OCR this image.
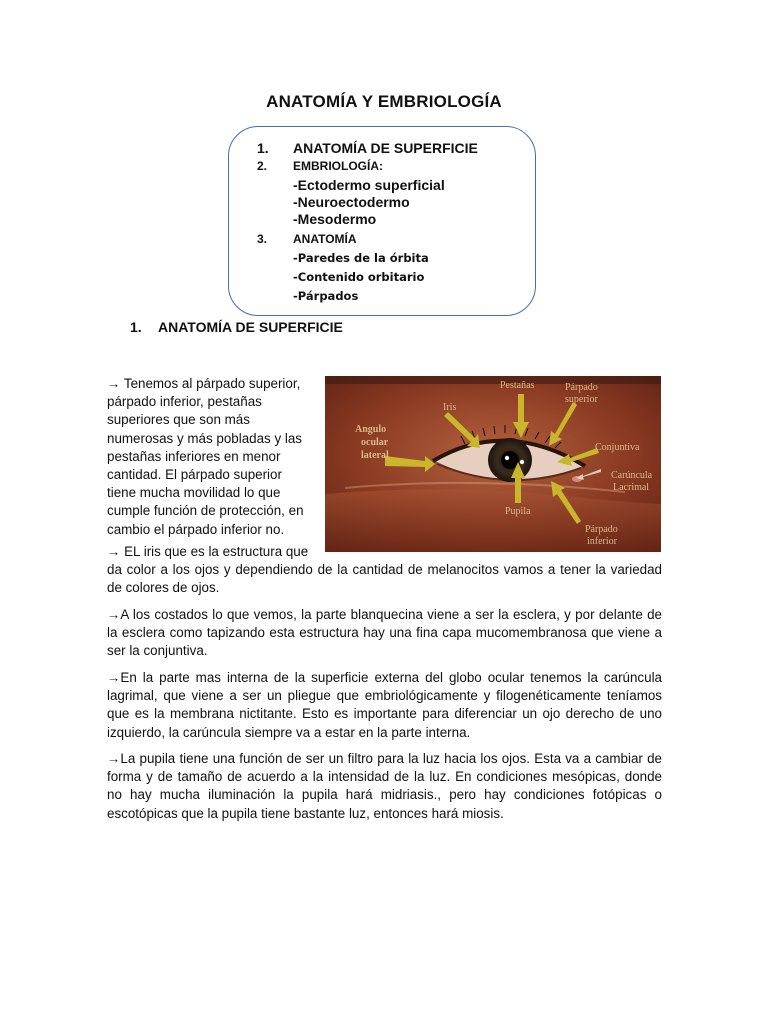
ANATOMÍA Y EMBRIOLOGÍA
1. ANATOMÍA DE SUPERFICIE
2. EMBRIOLOGÍA:
-Ectodermo superficial
-Neuroectodermo
-Mesodermo
3. ANATOMÍA
-Paredes de la órbita
-Contenido orbitario
-Párpados
1. ANATOMÍA DE SUPERFICIE

→ Tenemos al párpado superior,
párpado inferior, pestañas
superiores que son más
numerosas y más pobladas y las
pestañas inferiores en menor
cantidad. El párpado superior
tiene mucha movilidad lo que
cumple función de protección, en
cambio el párpado inferior no.

Pestañas	Párpado
superior
Iris
Angulo
ocular
lateral
Conjuntiva
Carúncula
Lacrimal
Pupila
Párpado
inferior

→ EL iris que es la estructura que
da color a los ojos y dependiendo de la cantidad de melanocitos vamos a tener la variedad de colores de ojos.

→A los costados lo que vemos, la parte blanquecina viene a ser la esclera, y por delante de la esclera como tapizando esta estructura hay una fina capa mucomembranosa que viene a ser la conjuntiva.

→En la parte mas interna de la superficie externa del globo ocular tenemos la carúncula lagrimal, que viene a ser un pliegue que embriológicamente y filogenéticamente teníamos que es la membrana nictitante. Esto es importante para diferenciar un ojo derecho de uno izquierdo, la carúncula siempre va a estar en la parte interna.

→La pupila tiene una función de ser un filtro para la luz hacia los ojos. Esta va a cambiar de forma y de tamaño de acuerdo a la intensidad de la luz. En condiciones mesópicas, donde no hay mucha iluminación la pupila hará midriasis., pero hay condiciones fotópicas o escotópicas que la pupila tiene bastante luz, entonces hará miosis.
